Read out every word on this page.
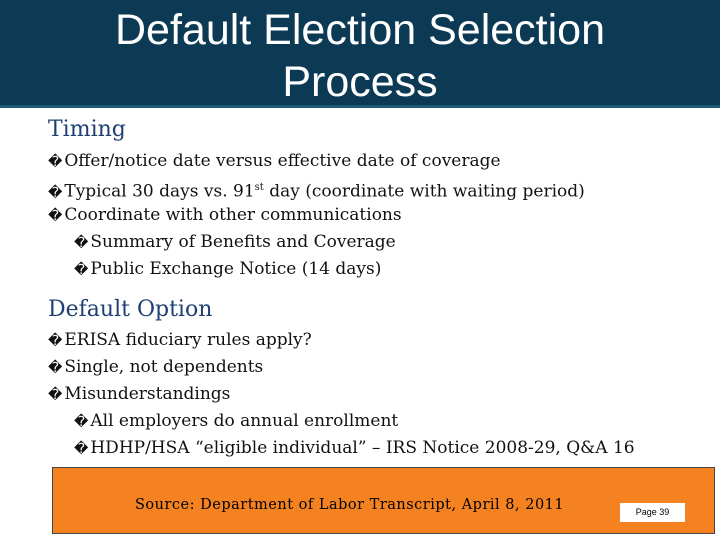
Default Election Selection
Process
Timing
� Offer/notice date versus effective date of coverage
� Typical 30 days vs. 91st day (coordinate with waiting period)
� Coordinate with other communications
� Summary of Benefits and Coverage
� Public Exchange Notice (14 days)
Default Option
� ERISA fiduciary rules apply?
� Single, not dependents
� Misunderstandings
� All employers do annual enrollment
� HDHP/HSA “eligible individual” – IRS Notice 2008-29, Q&A 16
Source: Department of Labor Transcript, April 8, 2011	Page 39
